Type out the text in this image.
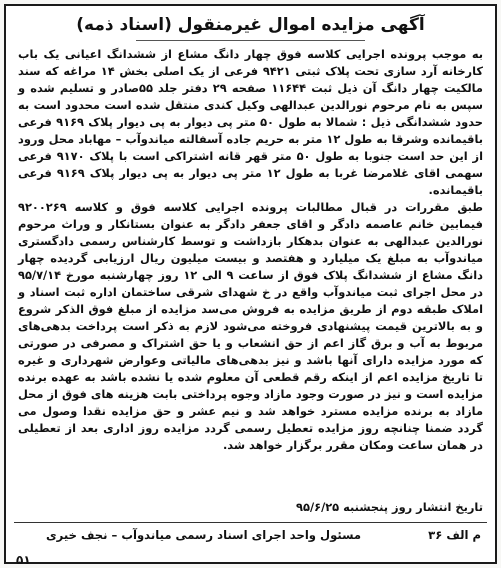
آگهی مزایده اموال غیرمنقول (اسناد ذمه)

به موجب پرونده اجرایی کلاسه فوق چهار دانگ مشاع از ششدانگ اعیانی یک باب کارخانه آرد سازی تحت پلاک ثبتی ۹۴۲۱ فرعی از یک اصلی بخش ۱۴ مراغه که سند مالکیت چهار دانگ آن ذیل ثبت ۱۱۶۴۴ صفحه ۲۹ دفتر جلد ۵۵صادر و تسلیم شده و سپس به نام مرحوم نورالدین عبدالهی وکیل کندی منتقل شده است محدود است به حدود ششدانگی ذیل : شمالا به طول ۵۰ متر پی دیوار به پی دیوار پلاک ۹۱۶۹ فرعی باقیمانده وشرقا به طول ۱۲ متر به حریم جاده آسفالته میاندوآب – مهاباد محل ورود از این حد است جنوبا به طول ۵۰ متر قهر قانه اشتراکی است با پلاک ۹۱۷۰ فرعی سهمی اقای غلامرضا غربا به طول ۱۲ متر پی دیوار به پی دیوار پلاک ۹۱۶۹ فرعی باقیمانده.

طبق مقررات در قبال مطالبات پرونده اجرایی کلاسه فوق و کلاسه ۹۲۰۰۲۶۹ فیمابین خانم عاصمه دادگر و اقای جعفر دادگر به عنوان بستانکار و وراث مرحوم نورالدین عبدالهی به عنوان بدهکار بازداشت و توسط کارشناس رسمی دادگستری میاندوآب به مبلغ یک میلیارد و هفتصد و بیست میلیون ریال ارزیابی گردیده چهار دانگ مشاع از ششدانگ پلاک فوق از ساعت ۹ الی ۱۲ روز چهارشنبه مورخ ۹۵/۷/۱۴ در محل اجرای ثبت میاندوآب واقع در خ شهدای شرقی ساختمان اداره ثبت اسناد و املاک طبقه دوم از طریق مزایده به فروش می‌سد مزایده از مبلغ فوق الذکر شروع و به بالاترین قیمت پیشنهادی فروخته می‌شود لازم به ذکر است پرداخت بدهی‌های مربوط به آب و برق گاز اعم از حق انشعاب و یا حق اشتراک و مصرفی در صورتی که مورد مزایده دارای آنها باشد و نیز بدهی‌های مالیاتی وعوارض شهرداری و غیره تا تاریخ مزایده اعم از اینکه رقم قطعی آن معلوم شده یا نشده باشد به عهده برنده مزایده است و نیز در صورت وجود مازاد وجوه پرداختی بابت هزینه های فوق از محل مازاد به برنده مزایده مسترد خواهد شد و نیم عشر و حق مزایده نقدا وصول می گردد ضمنا چنانچه روز مزایده تعطیل رسمی گردد مزایده روز اداری بعد از تعطیلی در همان ساعت ومکان مقرر برگزار خواهد شد.

تاریخ انتشار روز پنجشنبه ۹۵/۶/۲۵
م الف ۳۶
مسئول واحد اجرای اسناد رسمی میاندوآب – نجف خیری
۵۱
